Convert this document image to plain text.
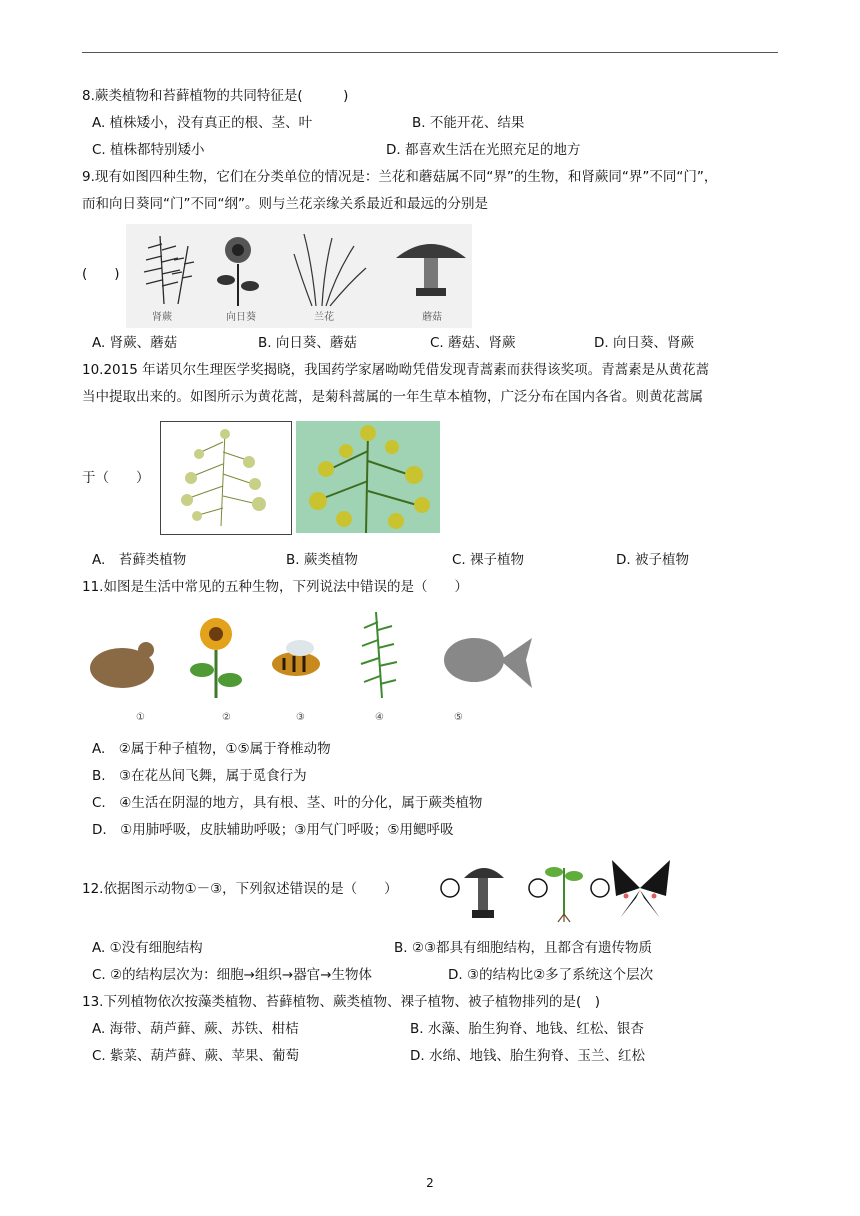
8.蕨类植物和苔藓植物的共同特征是(　　　)
A. 植株矮小，没有真正的根、茎、叶	B. 不能开花、结果
C. 植株都特别矮小	D. 都喜欢生活在光照充足的地方
9.现有如图四种生物，它们在分类单位的情况是：兰花和蘑菇属不同“界”的生物，和肾蕨同“界”不同“门”，
而和向日葵同“门”不同“纲”。则与兰花亲缘关系最近和最远的分别是
(　　)
肾蕨	向日葵	兰花	蘑菇
A. 肾蕨、蘑菇	B. 向日葵、蘑菇	C. 蘑菇、肾蕨	D. 向日葵、肾蕨
10.2015 年诺贝尔生理医学奖揭晓，我国药学家屠呦呦凭借发现青蒿素而获得该奖项。青蒿素是从黄花蒿
当中提取出来的。如图所示为黄花蒿，是菊科蒿属的一年生草本植物，广泛分布在国内各省。则黄花蒿属
于（　　）
A.　苔藓类植物	B. 蕨类植物	C. 裸子植物	D. 被子植物
11.如图是生活中常见的五种生物，下列说法中错误的是（　　）
①	②	③	④	⑤
A.　②属于种子植物，①⑤属于脊椎动物
B.　③在花丛间飞舞，属于觅食行为
C.　④生活在阴湿的地方，具有根、茎、叶的分化，属于蕨类植物
D.　①用肺呼吸，皮肤辅助呼吸；③用气门呼吸；⑤用鳃呼吸
12.依据图示动物①－③，下列叙述错误的是（　　）
A. ①没有细胞结构	B. ②③都具有细胞结构，且都含有遗传物质
C. ②的结构层次为：细胞→组织→器官→生物体	D. ③的结构比②多了系统这个层次
13.下列植物依次按藻类植物、苔藓植物、蕨类植物、裸子植物、被子植物排列的是(　)
A. 海带、葫芦藓、蕨、苏铁、柑桔	B. 水藻、胎生狗脊、地钱、红松、银杏
C. 紫菜、葫芦藓、蕨、苹果、葡萄	D. 水绵、地钱、胎生狗脊、玉兰、红松
2
